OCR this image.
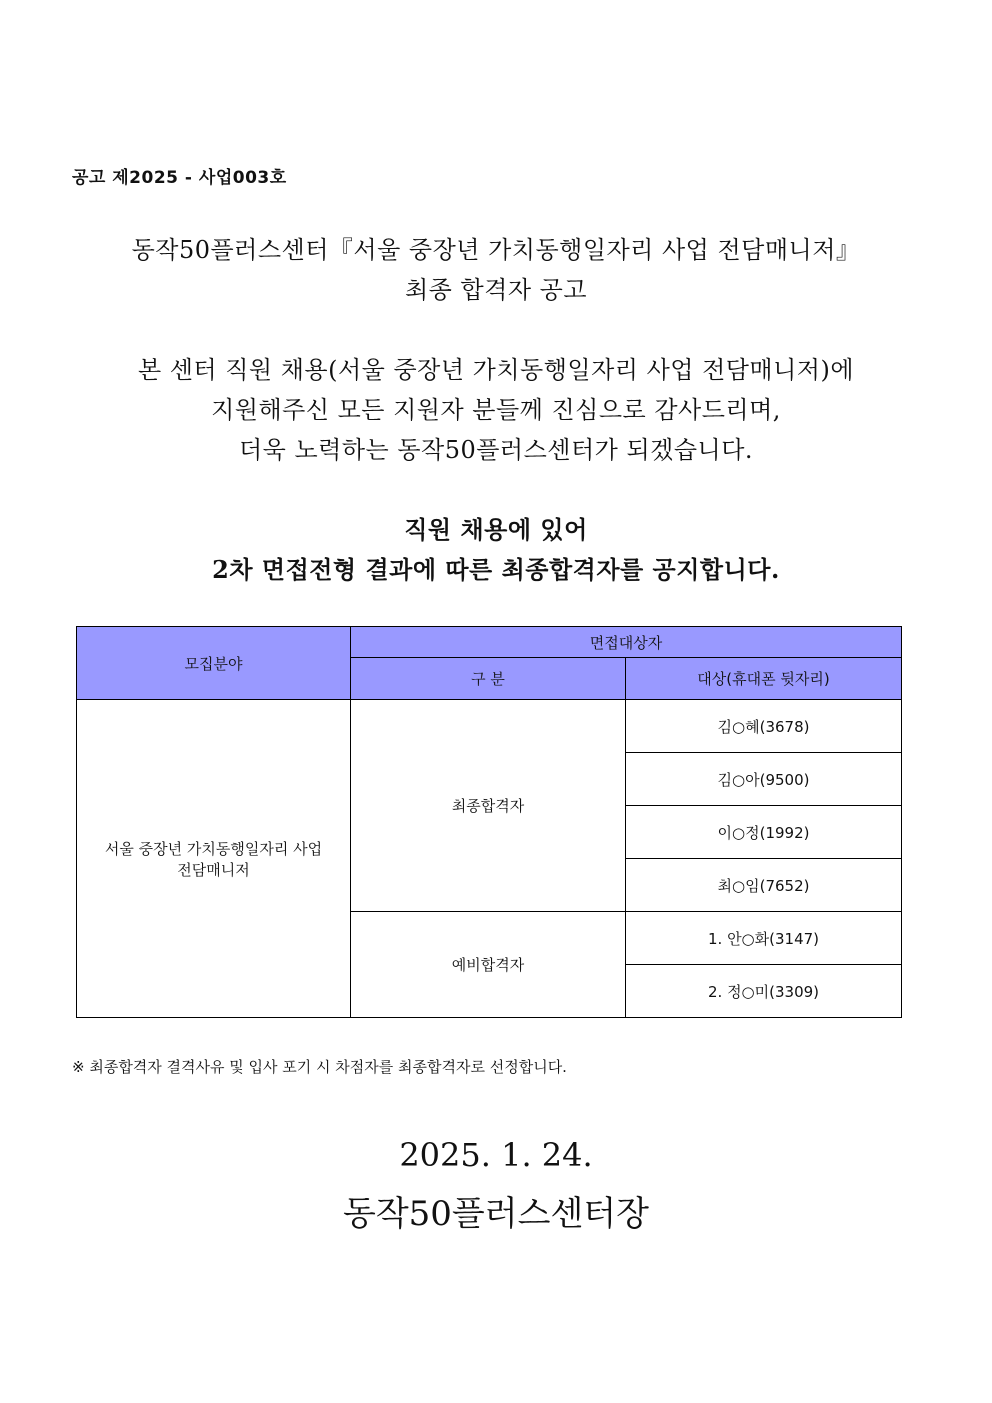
공고 제2025 - 사업003호
동작50플러스센터『서울 중장년 가치동행일자리 사업 전담매니저』
최종 합격자 공고
본 센터 직원 채용(서울 중장년 가치동행일자리 사업 전담매니저)에
지원해주신 모든 지원자 분들께 진심으로 감사드리며,
더욱 노력하는 동작50플러스센터가 되겠습니다.
직원 채용에 있어
2차 면접전형 결과에 따른 최종합격자를 공지합니다.
모집분야	면접대상자	
	구 분	대상(휴대폰 뒷자리)

서울 중장년 가치동행일자리 사업
전담매니저	최종합격자	김○혜(3678)
		김○아(9500)
		이○정(1992)
		최○임(7652)
	예비합격자	1. 안○화(3147)
		2. 정○미(3309)
※ 최종합격자 결격사유 및 입사 포기 시 차점자를 최종합격자로 선정합니다.
2025. 1. 24.
동작50플러스센터장
